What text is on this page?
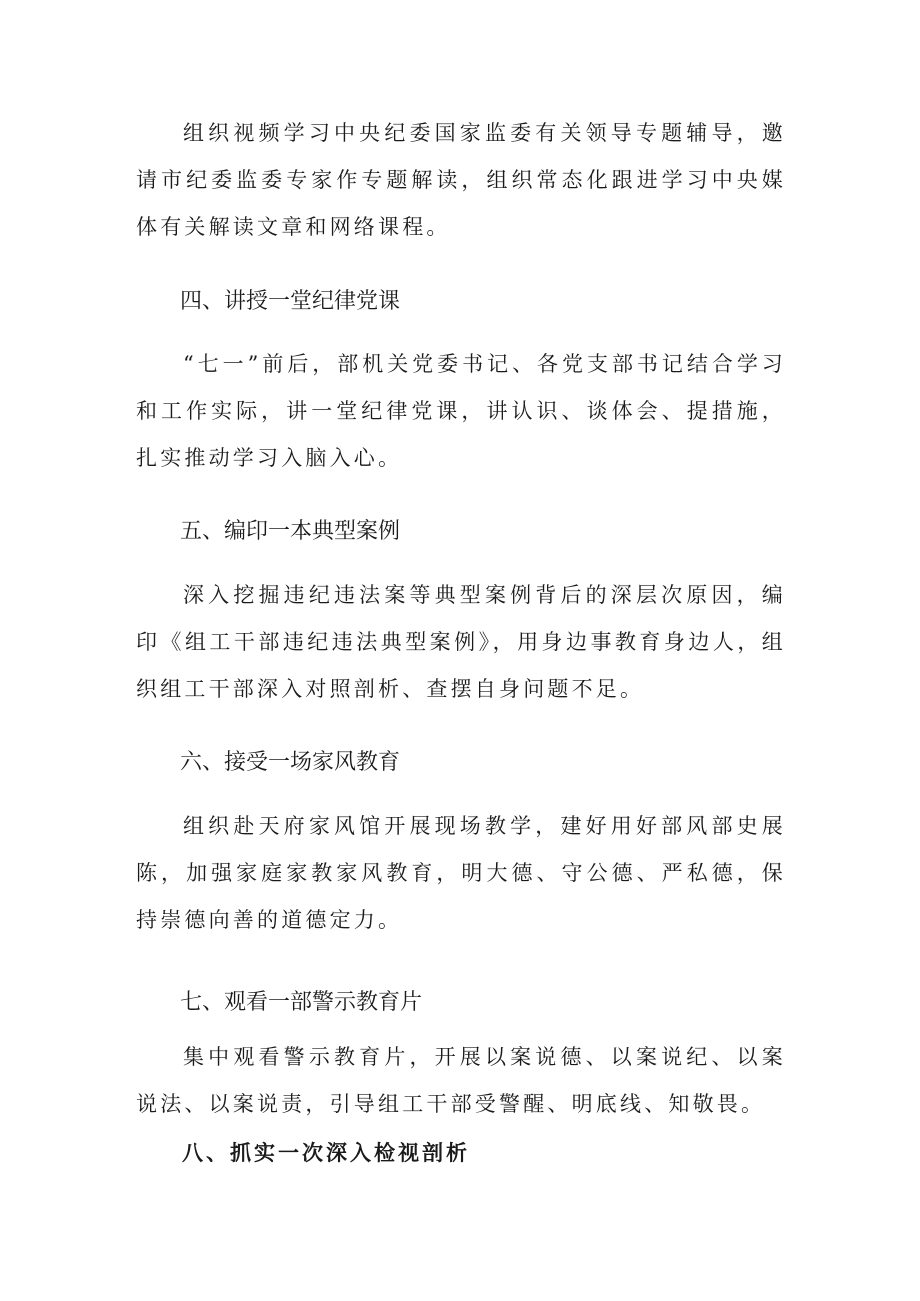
组织视频学习中央纪委国家监委有关领导专题辅导，邀请市纪委监委专家作专题解读，组织常态化跟进学习中央媒体有关解读文章和网络课程。

四、讲授一堂纪律党课

“七一”前后，部机关党委书记、各党支部书记结合学习和工作实际，讲一堂纪律党课，讲认识、谈体会、提措施，扎实推动学习入脑入心。

五、编印一本典型案例

深入挖掘违纪违法案等典型案例背后的深层次原因，编印《组工干部违纪违法典型案例》，用身边事教育身边人，组织组工干部深入对照剖析、查摆自身问题不足。

六、接受一场家风教育

组织赴天府家风馆开展现场教学，建好用好部风部史展陈，加强家庭家教家风教育，明大德、守公德、严私德，保持崇德向善的道德定力。

七、观看一部警示教育片

集中观看警示教育片，开展以案说德、以案说纪、以案说法、以案说责，引导组工干部受警醒、明底线、知敬畏。

八、抓实一次深入检视剖析
